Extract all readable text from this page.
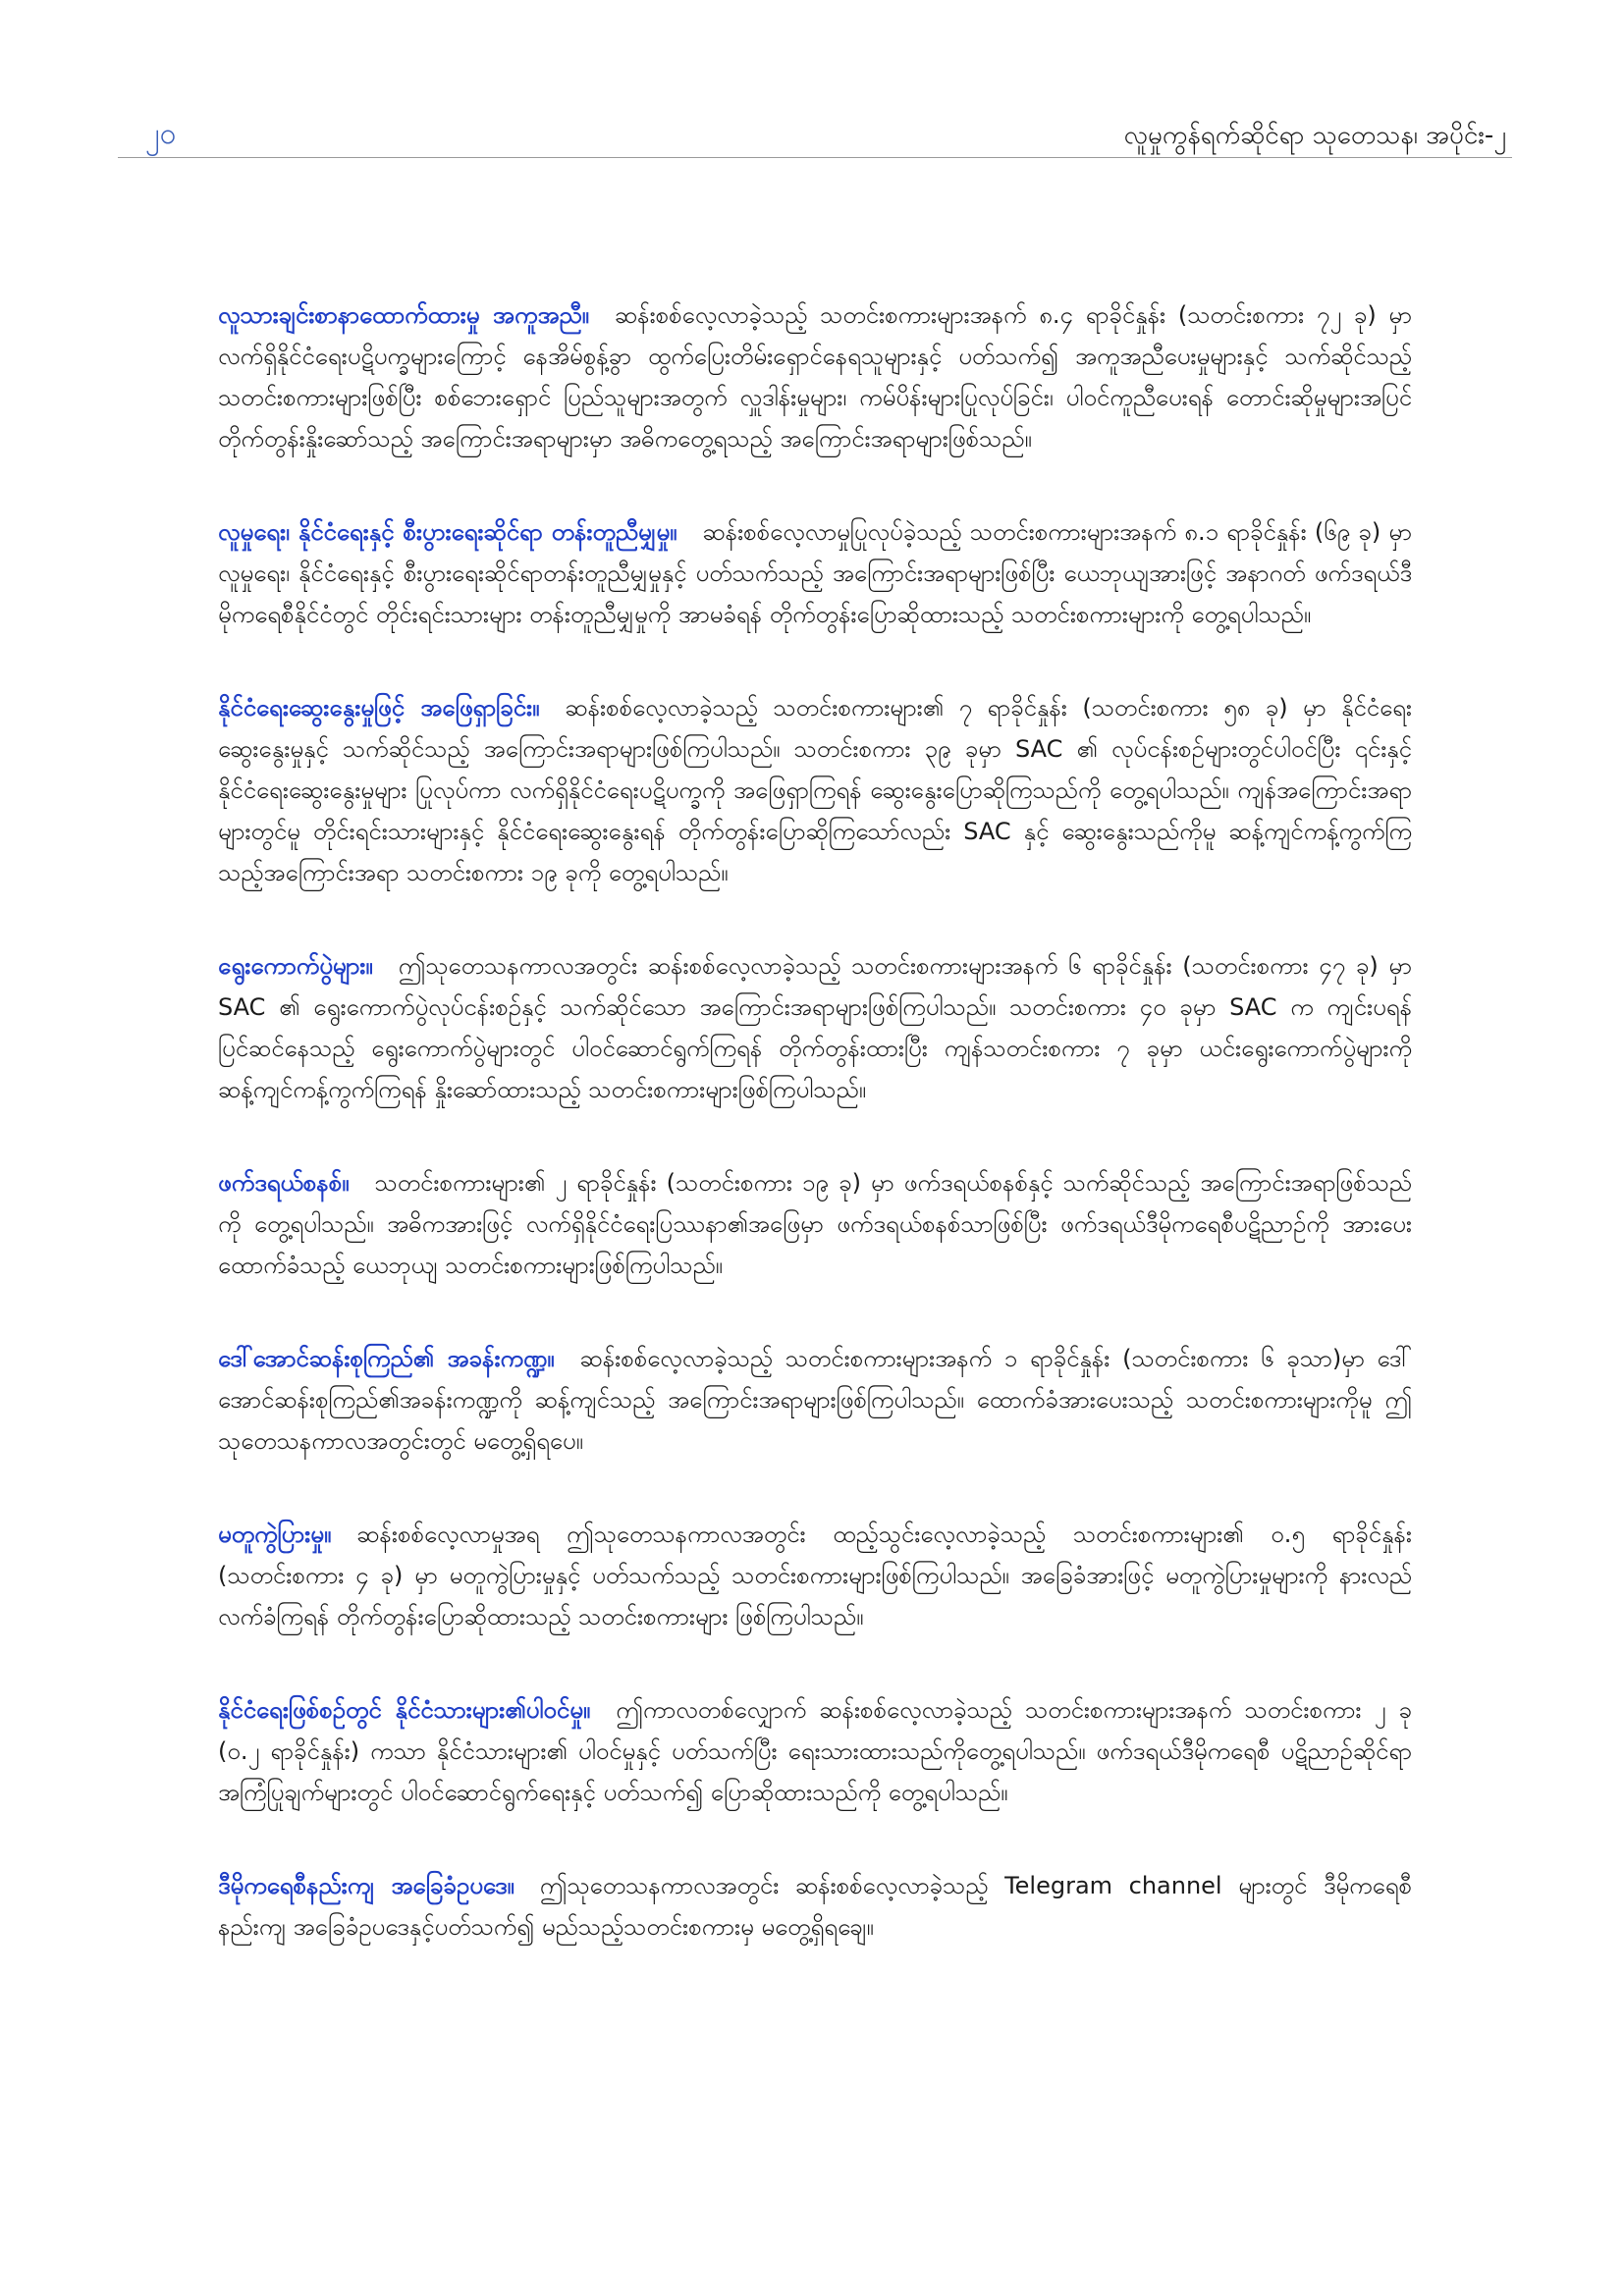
၂၀	လူမှုကွန်ရက်ဆိုင်ရာ သုတေသန၊ အပိုင်း-၂
လူသားချင်းစာနာထောက်ထားမှု အကူအညီ။ ဆန်းစစ်လေ့လာခဲ့သည့် သတင်းစကားများအနက် ၈.၄ ရာခိုင်နှုန်း (သတင်းစကား ၇၂ ခု) မှာ လက်ရှိနိုင်ငံရေးပဋိပက္ခများကြောင့် နေအိမ်စွန့်ခွာ ထွက်ပြေးတိမ်းရှောင်နေရသူများနှင့် ပတ်သက်၍ အကူအညီပေးမှုများနှင့် သက်ဆိုင်သည့် သတင်းစကားများဖြစ်ပြီး စစ်ဘေးရှောင် ပြည်သူများအတွက် လှူဒါန်းမှုများ၊ ကမ်ပိန်းများပြုလုပ်ခြင်း၊ ပါဝင်ကူညီပေးရန် တောင်းဆိုမှုများအပြင် တိုက်တွန်းနှိုးဆော်သည့် အကြောင်းအရာများမှာ အဓိကတွေ့ရသည့် အကြောင်းအရာများဖြစ်သည်။
လူမှုရေး၊ နိုင်ငံရေးနှင့် စီးပွားရေးဆိုင်ရာ တန်းတူညီမျှမှု။ ဆန်းစစ်လေ့လာမှုပြုလုပ်ခဲ့သည့် သတင်းစကားများအနက် ၈.၁ ရာခိုင်နှုန်း (၆၉ ခု) မှာ လူမှုရေး၊ နိုင်ငံရေးနှင့် စီးပွားရေးဆိုင်ရာတန်းတူညီမျှမှုနှင့် ပတ်သက်သည့် အကြောင်းအရာများဖြစ်ပြီး ယေဘုယျအားဖြင့် အနာဂတ် ဖက်ဒရယ်ဒီမိုကရေစီနိုင်ငံတွင် တိုင်းရင်းသားများ တန်းတူညီမျှမှုကို အာမခံရန် တိုက်တွန်းပြောဆိုထားသည့် သတင်းစကားများကို တွေ့ရပါသည်။
နိုင်ငံရေးဆွေးနွေးမှုဖြင့် အဖြေရှာခြင်း။ ဆန်းစစ်လေ့လာခဲ့သည့် သတင်းစကားများ၏ ၇ ရာခိုင်နှုန်း (သတင်းစကား ၅၈ ခု) မှာ နိုင်ငံရေးဆွေးနွေးမှုနှင့် သက်ဆိုင်သည့် အကြောင်းအရာများဖြစ်ကြပါသည်။ သတင်းစကား ၃၉ ခုမှာ SAC ၏ လုပ်ငန်းစဉ်များတွင်ပါဝင်ပြီး ၎င်းနှင့် နိုင်ငံရေးဆွေးနွေးမှုများ ပြုလုပ်ကာ လက်ရှိနိုင်ငံရေးပဋိပက္ခကို အဖြေရှာကြရန် ဆွေးနွေးပြောဆိုကြသည်ကို တွေ့ရပါသည်။ ကျန်အကြောင်းအရာများတွင်မူ တိုင်းရင်းသားများနှင့် နိုင်ငံရေးဆွေးနွေးရန် တိုက်တွန်းပြောဆိုကြသော်လည်း SAC နှင့် ဆွေးနွေးသည်ကိုမူ ဆန့်ကျင်ကန့်ကွက်ကြသည့်အကြောင်းအရာ သတင်းစကား ၁၉ ခုကို တွေ့ရပါသည်။
ရွေးကောက်ပွဲများ။ ဤသုတေသနကာလအတွင်း ဆန်းစစ်လေ့လာခဲ့သည့် သတင်းစကားများအနက် ၆ ရာခိုင်နှုန်း (သတင်းစကား ၄၇ ခု) မှာ SAC ၏ ရွေးကောက်ပွဲလုပ်ငန်းစဉ်နှင့် သက်ဆိုင်သော အကြောင်းအရာများဖြစ်ကြပါသည်။ သတင်းစကား ၄၀ ခုမှာ SAC က ကျင်းပရန် ပြင်ဆင်နေသည့် ရွေးကောက်ပွဲများတွင် ပါဝင်ဆောင်ရွက်ကြရန် တိုက်တွန်းထားပြီး ကျန်သတင်းစကား ၇ ခုမှာ ယင်းရွေးကောက်ပွဲများကို ဆန့်ကျင်ကန့်ကွက်ကြရန် နှိုးဆော်ထားသည့် သတင်းစကားများဖြစ်ကြပါသည်။
ဖက်ဒရယ်စနစ်။ သတင်းစကားများ၏ ၂ ရာခိုင်နှုန်း (သတင်းစကား ၁၉ ခု) မှာ ဖက်ဒရယ်စနစ်နှင့် သက်ဆိုင်သည့် အကြောင်းအရာဖြစ်သည်ကို တွေ့ရပါသည်။ အဓိကအားဖြင့် လက်ရှိနိုင်ငံရေးပြဿနာ၏အဖြေမှာ ဖက်ဒရယ်စနစ်သာဖြစ်ပြီး ဖက်ဒရယ်ဒီမိုကရေစီပဋိညာဉ်ကို အားပေးထောက်ခံသည့် ယေဘုယျ သတင်းစကားများဖြစ်ကြပါသည်။
ဒေါ်အောင်ဆန်းစုကြည်၏ အခန်းကဏ္ဍ။ ဆန်းစစ်လေ့လာခဲ့သည့် သတင်းစကားများအနက် ၁ ရာခိုင်နှုန်း (သတင်းစကား ၆ ခုသာ)မှာ ဒေါ်အောင်ဆန်းစုကြည်၏အခန်းကဏ္ဍကို ဆန့်ကျင်သည့် အကြောင်းအရာများဖြစ်ကြပါသည်။ ထောက်ခံအားပေးသည့် သတင်းစကားများကိုမူ ဤသုတေသနကာလအတွင်းတွင် မတွေ့ရှိရပေ။
မတူကွဲပြားမှု။ ဆန်းစစ်လေ့လာမှုအရ ဤသုတေသနကာလအတွင်း ထည့်သွင်းလေ့လာခဲ့သည့် သတင်းစကားများ၏ ၀.၅ ရာခိုင်နှုန်း (သတင်းစကား ၄ ခု) မှာ မတူကွဲပြားမှုနှင့် ပတ်သက်သည့် သတင်းစကားများဖြစ်ကြပါသည်။ အခြေခံအားဖြင့် မတူကွဲပြားမှုများကို နားလည်လက်ခံကြရန် တိုက်တွန်းပြောဆိုထားသည့် သတင်းစကားများ ဖြစ်ကြပါသည်။
နိုင်ငံရေးဖြစ်စဉ်တွင် နိုင်ငံသားများ၏ပါဝင်မှု။ ဤကာလတစ်လျှောက် ဆန်းစစ်လေ့လာခဲ့သည့် သတင်းစကားများအနက် သတင်းစကား ၂ ခု (၀.၂ ရာခိုင်နှုန်း) ကသာ နိုင်ငံသားများ၏ ပါဝင်မှုနှင့် ပတ်သက်ပြီး ရေးသားထားသည်ကိုတွေ့ရပါသည်။ ဖက်ဒရယ်ဒီမိုကရေစီ ပဋိညာဉ်ဆိုင်ရာ အကြံပြုချက်များတွင် ပါဝင်ဆောင်ရွက်ရေးနှင့် ပတ်သက်၍ ပြောဆိုထားသည်ကို တွေ့ရပါသည်။
ဒီမိုကရေစီနည်းကျ အခြေခံဥပဒေ။ ဤသုတေသနကာလအတွင်း ဆန်းစစ်လေ့လာခဲ့သည့် Telegram channel များတွင် ဒီမိုကရေစီနည်းကျ အခြေခံဥပဒေနှင့်ပတ်သက်၍ မည်သည့်သတင်းစကားမှ မတွေ့ရှိရချေ။
